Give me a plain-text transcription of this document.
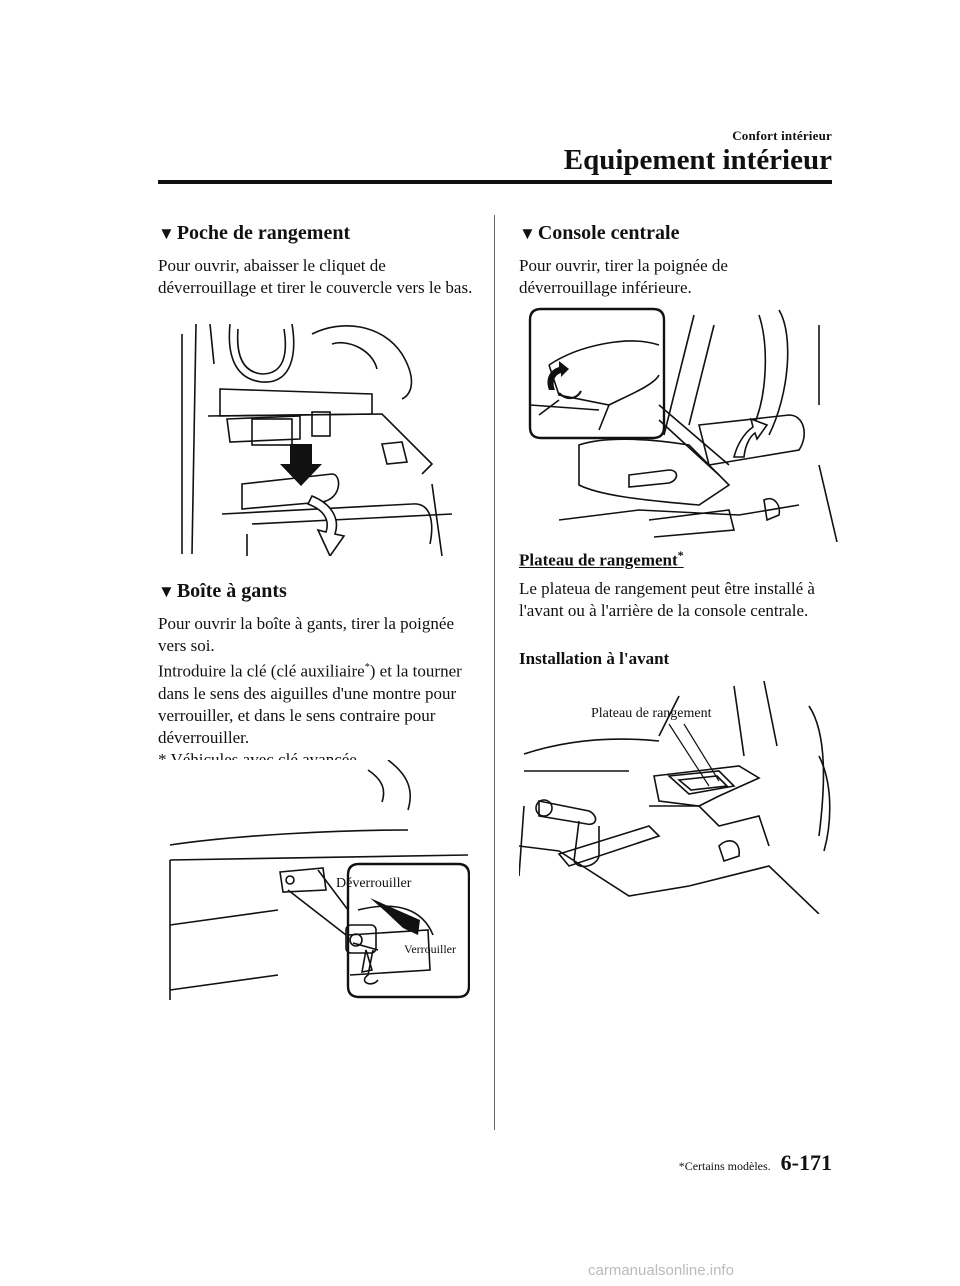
Confort intérieur
Equipement intérieur
▼ Poche de rangement
Pour ouvrir, abaisser le cliquet de déverrouillage et tirer le couvercle vers le bas.
▼ Boîte à gants
Pour ouvrir la boîte à gants, tirer la poignée vers soi.
Introduire la clé (clé auxiliaire*) et la tourner dans le sens des aiguilles d'une montre pour verrouiller, et dans le sens contraire pour déverrouiller.
* Véhicules avec clé avancée
Déverrouiller
Verrouiller
▼ Console centrale
Pour ouvrir, tirer la poignée de déverrouillage inférieure.
Plateau de rangement*
Le plateua de rangement peut être installé à l'avant ou à l'arrière de la console centrale.
Installation à l'avant
Plateau de rangement
*Certains modèles. 6-171
carmanualsonline.info
